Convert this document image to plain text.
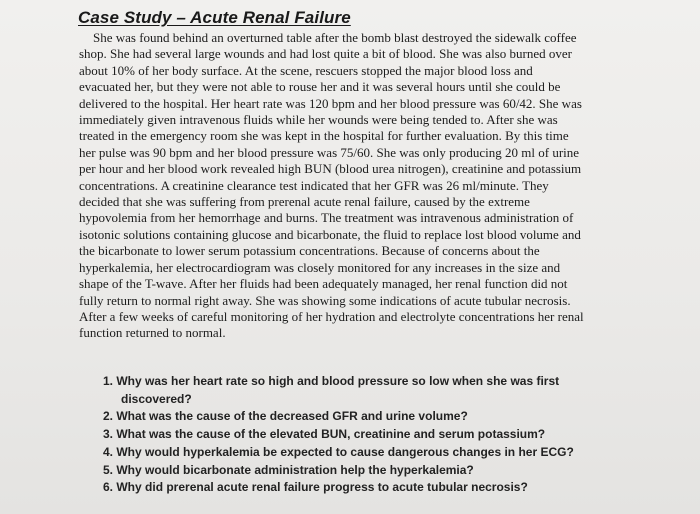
Case Study – Acute Renal Failure

She was found behind an overturned table after the bomb blast destroyed the sidewalk coffee
shop. She had several large wounds and had lost quite a bit of blood. She was also burned over
about 10% of her body surface. At the scene, rescuers stopped the major blood loss and
evacuated her, but they were not able to rouse her and it was several hours until she could be
delivered to the hospital. Her heart rate was 120 bpm and her blood pressure was 60/42. She was
immediately given intravenous fluids while her wounds were being tended to. After she was
treated in the emergency room she was kept in the hospital for further evaluation. By this time
her pulse was 90 bpm and her blood pressure was 75/60. She was only producing 20 ml of urine
per hour and her blood work revealed high BUN (blood urea nitrogen), creatinine and potassium
concentrations. A creatinine clearance test indicated that her GFR was 26 ml/minute. They
decided that she was suffering from prerenal acute renal failure, caused by the extreme
hypovolemia from her hemorrhage and burns. The treatment was intravenous administration of
isotonic solutions containing glucose and bicarbonate, the fluid to replace lost blood volume and
the bicarbonate to lower serum potassium concentrations. Because of concerns about the
hyperkalemia, her electrocardiogram was closely monitored for any increases in the size and
shape of the T-wave. After her fluids had been adequately managed, her renal function did not
fully return to normal right away. She was showing some indications of acute tubular necrosis.
After a few weeks of careful monitoring of her hydration and electrolyte concentrations her renal
function returned to normal.

1. Why was her heart rate so high and blood pressure so low when she was first
discovered?
2. What was the cause of the decreased GFR and urine volume?
3. What was the cause of the elevated BUN, creatinine and serum potassium?
4. Why would hyperkalemia be expected to cause dangerous changes in her ECG?
5. Why would bicarbonate administration help the hyperkalemia?
6. Why did prerenal acute renal failure progress to acute tubular necrosis?
